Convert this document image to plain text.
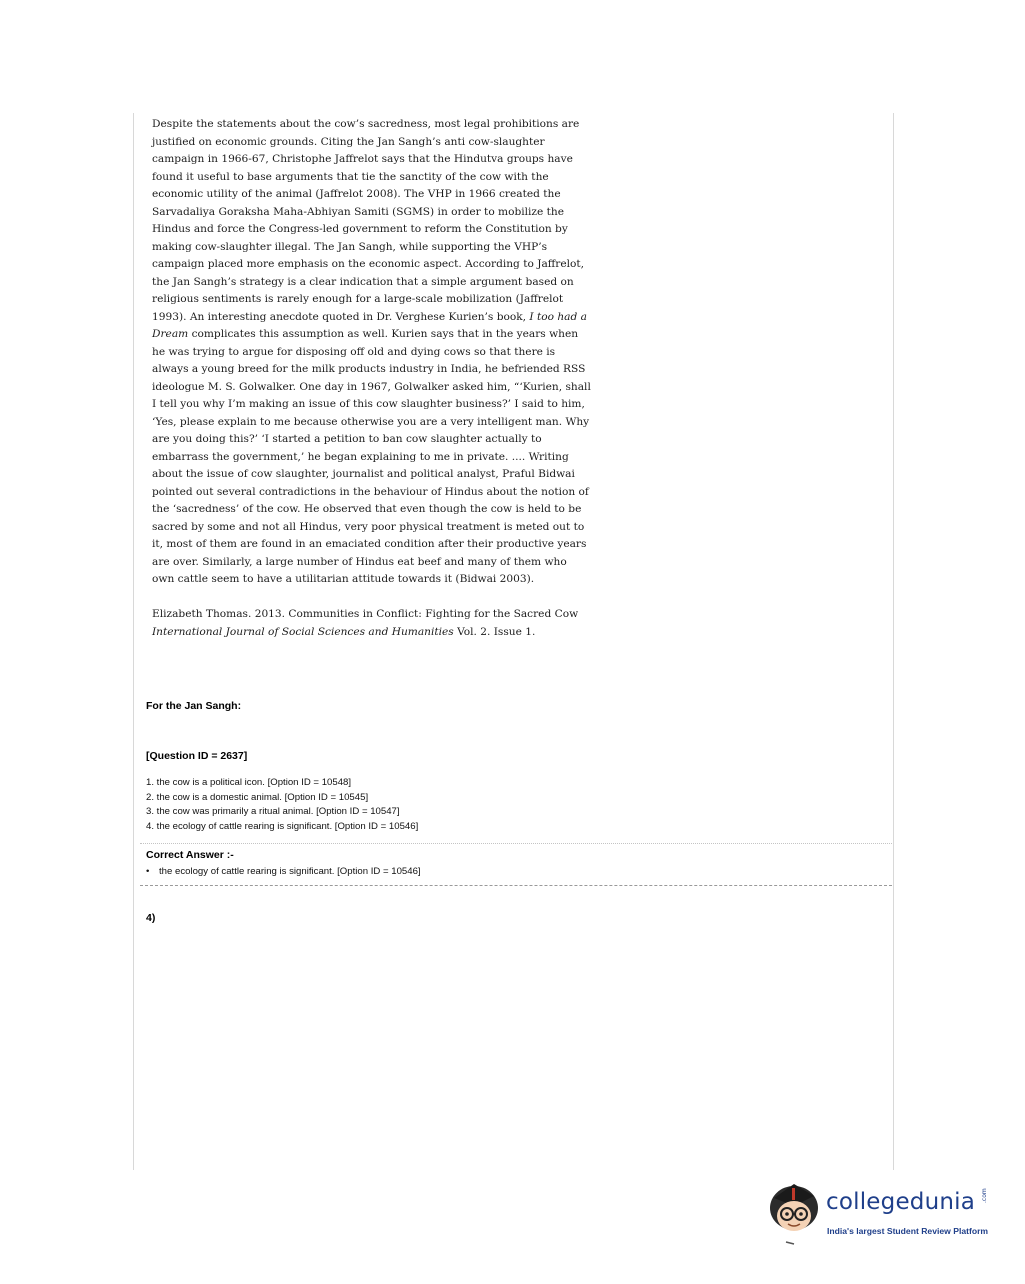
Despite the statements about the cow’s sacredness, most legal prohibitions are

justified on economic grounds. Citing the Jan Sangh’s anti cow-slaughter

campaign in 1966-67, Christophe Jaffrelot says that the Hindutva groups have

found it useful to base arguments that tie the sanctity of the cow with the

economic utility of the animal (Jaffrelot 2008). The VHP in 1966 created the

Sarvadaliya Goraksha Maha-Abhiyan Samiti (SGMS) in order to mobilize the

Hindus and force the Congress-led government to reform the Constitution by

making cow-slaughter illegal. The Jan Sangh, while supporting the VHP’s

campaign placed more emphasis on the economic aspect. According to Jaffrelot,

the Jan Sangh’s strategy is a clear indication that a simple argument based on

religious sentiments is rarely enough for a large-scale mobilization (Jaffrelot

1993). An interesting anecdote quoted in Dr. Verghese Kurien’s book, I too had a

Dream complicates this assumption as well. Kurien says that in the years when

he was trying to argue for disposing off old and dying cows so that there is

always a young breed for the milk products industry in India, he befriended RSS

ideologue M. S. Golwalker. One day in 1967, Golwalker asked him, “‘Kurien, shall

I tell you why I’m making an issue of this cow slaughter business?’ I said to him,

‘Yes, please explain to me because otherwise you are a very intelligent man. Why

are you doing this?’ ‘I started a petition to ban cow slaughter actually to

embarrass the government,’ he began explaining to me in private. .... Writing

about the issue of cow slaughter, journalist and political analyst, Praful Bidwai

pointed out several contradictions in the behaviour of Hindus about the notion of

the ‘sacredness’ of the cow. He observed that even though the cow is held to be

sacred by some and not all Hindus, very poor physical treatment is meted out to

it, most of them are found in an emaciated condition after their productive years

are over. Similarly, a large number of Hindus eat beef and many of them who

own cattle seem to have a utilitarian attitude towards it (Bidwai 2003).

Elizabeth Thomas. 2013. Communities in Conflict: Fighting for the Sacred Cow
International Journal of Social Sciences and Humanities Vol. 2. Issue 1.
For the Jan Sangh:
[Question ID = 2637]
1. the cow is a political icon. [Option ID = 10548]
2. the cow is a domestic animal. [Option ID = 10545]
3. the cow was primarily a ritual animal. [Option ID = 10547]
4. the ecology of cattle rearing is significant. [Option ID = 10546]
Correct Answer :-
• the ecology of cattle rearing is significant. [Option ID = 10546]
4)
collegedunia .com
India's largest Student Review Platform
